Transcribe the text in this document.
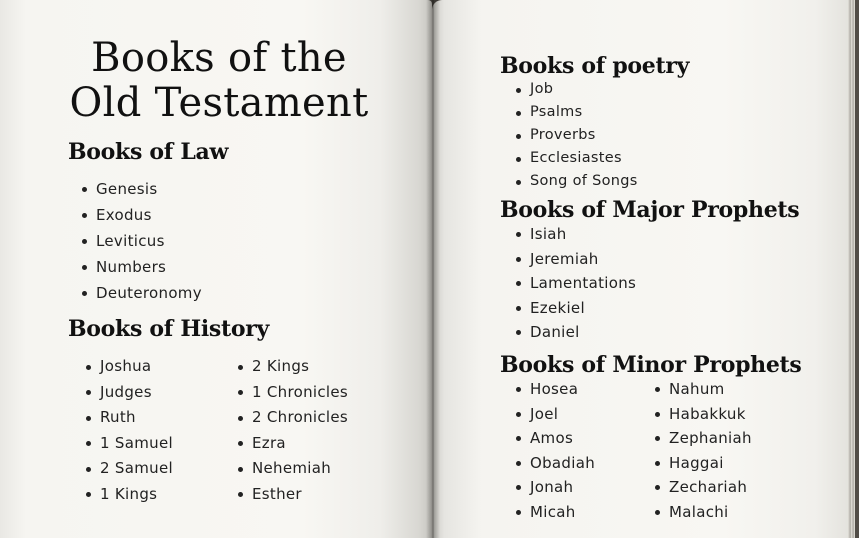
Books of the
Old Testament
Books of Law
Genesis
Exodus
Leviticus
Numbers
Deuteronomy
Books of History
Joshua
Judges
Ruth
1 Samuel
2 Samuel
1 Kings
2 Kings
1 Chronicles
2 Chronicles
Ezra
Nehemiah
Esther
Books of poetry
Job
Psalms
Proverbs
Ecclesiastes
Song of Songs
Books of Major Prophets
Isiah
Jeremiah
Lamentations
Ezekiel
Daniel
Books of Minor Prophets
Hosea
Joel
Amos
Obadiah
Jonah
Micah
Nahum
Habakkuk
Zephaniah
Haggai
Zechariah
Malachi
